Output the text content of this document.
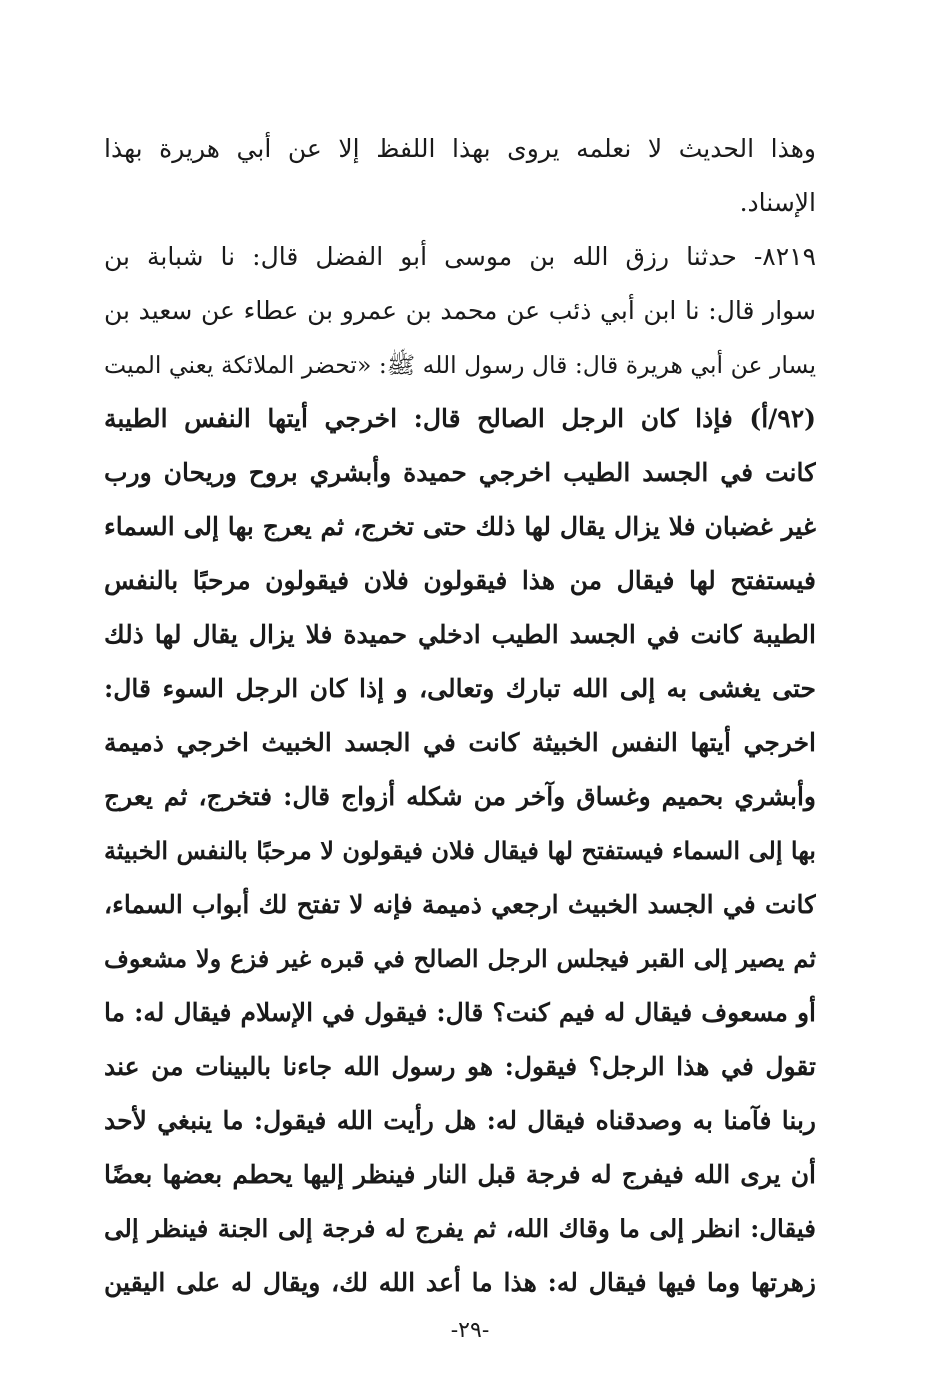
وهذا الحديث لا نعلمه يروى بهذا اللفظ إلا عن أبي هريرة بهذا
الإسناد.
٨٢١٩- حدثنا رزق الله بن موسى أبو الفضل قال: نا شبابة بن
سوار قال: نا ابن أبي ذئب عن محمد بن عمرو بن عطاء عن سعيد بن
يسار عن أبي هريرة قال: قال رسول الله ﷺ: «تحضر الملائكة يعني الميت
(٩٢/أ) فإذا كان الرجل الصالح قال: اخرجي أيتها النفس الطيبة
كانت في الجسد الطيب اخرجي حميدة وأبشري بروح وريحان ورب
غير غضبان فلا يزال يقال لها ذلك حتى تخرج، ثم يعرج بها إلى السماء
فيستفتح لها فيقال من هذا فيقولون فلان فيقولون مرحبًا بالنفس
الطيبة كانت في الجسد الطيب ادخلي حميدة فلا يزال يقال لها ذلك
حتى يغشى به إلى الله تبارك وتعالى، و إذا كان الرجل السوء قال:
اخرجي أيتها النفس الخبيثة كانت في الجسد الخبيث اخرجي ذميمة
وأبشري بحميم وغساق وآخر من شكله أزواج قال: فتخرج، ثم يعرج
بها إلى السماء فيستفتح لها فيقال فلان فيقولون لا مرحبًا بالنفس الخبيثة
كانت في الجسد الخبيث ارجعي ذميمة فإنه لا تفتح لك أبواب السماء،
ثم يصير إلى القبر فيجلس الرجل الصالح في قبره غير فزع ولا مشعوف
أو مسعوف فيقال له فيم كنت؟ قال: فيقول في الإسلام فيقال له: ما
تقول في هذا الرجل؟ فيقول: هو رسول الله جاءنا بالبينات من عند
ربنا فآمنا به وصدقناه فيقال له: هل رأيت الله فيقول: ما ينبغي لأحد
أن يرى الله فيفرج له فرجة قبل النار فينظر إليها يحطم بعضها بعضًا
فيقال: انظر إلى ما وقاك الله، ثم يفرج له فرجة إلى الجنة فينظر إلى
زهرتها وما فيها فيقال له: هذا ما أعد الله لك، ويقال له على اليقين
-٢٩-
